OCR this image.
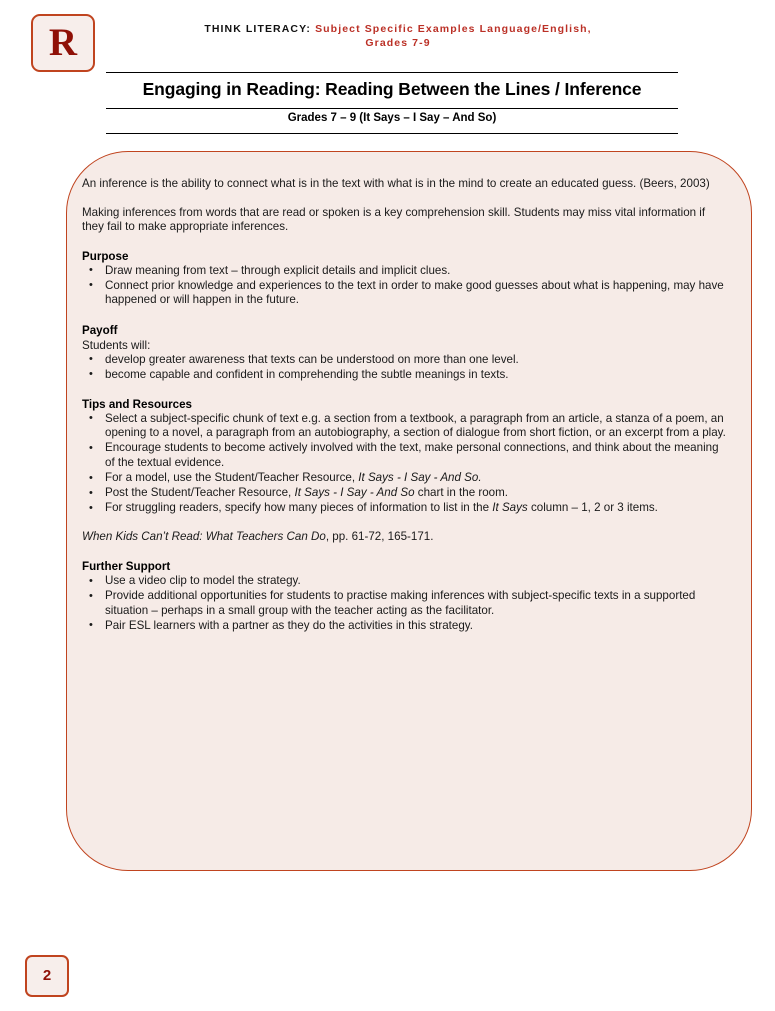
R	THINK LITERACY: Subject Specific Examples Language/English,
Grades 7-9
Engaging in Reading: Reading Between the Lines / Inference
Grades 7 – 9 (It Says – I Say – And So)

An inference is the ability to connect what is in the text with what is in the mind to create an educated guess. (Beers, 2003)

Making inferences from words that are read or spoken is a key comprehension skill. Students may miss vital information if they fail to make appropriate inferences.

Purpose
• Draw meaning from text – through explicit details and implicit clues.
• Connect prior knowledge and experiences to the text in order to make good guesses about what is happening, may have happened or will happen in the future.
Payoff
Students will:
• develop greater awareness that texts can be understood on more than one level.
• become capable and confident in comprehending the subtle meanings in texts.
Tips and Resources
• Select a subject-specific chunk of text e.g. a section from a textbook, a paragraph from an article, a stanza of a poem, an opening to a novel, a paragraph from an autobiography, a section of dialogue from short fiction, or an excerpt from a play.
• Encourage students to become actively involved with the text, make personal connections, and think about the meaning of the textual evidence.
• For a model, use the Student/Teacher Resource, It Says - I Say - And So.
• Post the Student/Teacher Resource, It Says - I Say - And So chart in the room.
• For struggling readers, specify how many pieces of information to list in the It Says column – 1, 2 or 3 items.

When Kids Can’t Read: What Teachers Can Do, pp. 61-72, 165-171.

Further Support
• Use a video clip to model the strategy.
• Provide additional opportunities for students to practise making inferences with subject-specific texts in a supported situation – perhaps in a small group with the teacher acting as the facilitator.
• Pair ESL learners with a partner as they do the activities in this strategy.
2
